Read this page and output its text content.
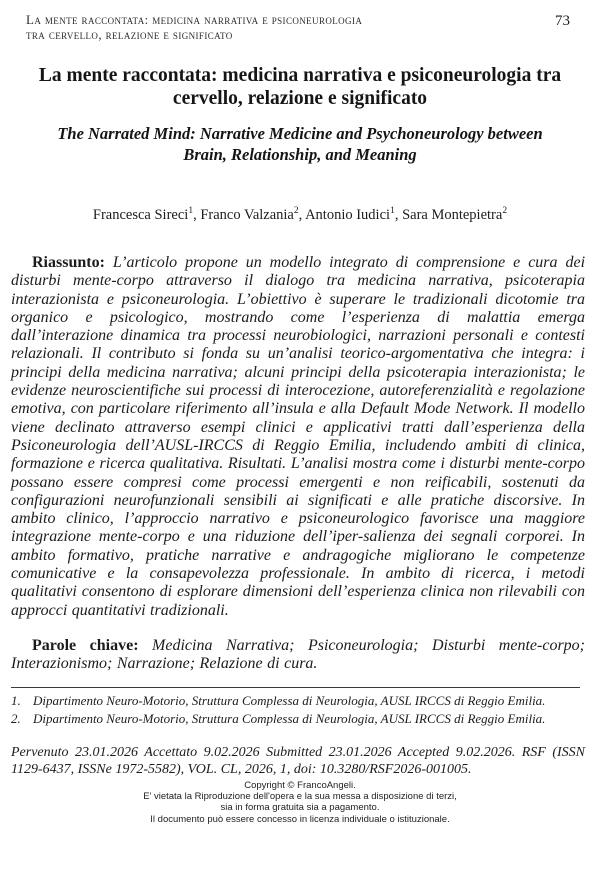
La mente raccontata: medicina narrativa e psiconeurologia
tra cervello, relazione e significato
73
La mente raccontata: medicina narrativa e psiconeurologia tra cervello, relazione e significato
The Narrated Mind: Narrative Medicine and Psychoneurology between Brain, Relationship, and Meaning
Francesca Sireci$^1$, Franco Valzania$^2$, Antonio Iudici$^1$, Sara Montepietra$^2$

Riassunto: L’articolo propone un modello integrato di comprensione e cura dei disturbi mente-corpo attraverso il dialogo tra medicina narrativa, psicoterapia interazionista e psiconeurologia. L’obiettivo è superare le tradizionali dicotomie tra organico e psicologico, mostrando come l’esperienza di malattia emerga dall’interazione dinamica tra processi neurobiologici, narrazioni personali e contesti relazionali. Il contributo si fonda su un’analisi teorico-argomentativa che integra: i principi della medicina narrativa; alcuni principi della psicoterapia interazionista; le evidenze neuroscientifiche sui processi di interocezione, autoreferenzialità e regolazione emotiva, con particolare riferimento all’insula e alla Default Mode Network. Il modello viene declinato attraverso esempi clinici e applicativi tratti dall’esperienza della Psiconeurologia dell’AUSL-IRCCS di Reggio Emilia, includendo ambiti di clinica, formazione e ricerca qualitativa. Risultati. L’analisi mostra come i disturbi mente-corpo possano essere compresi come processi emergenti e non reificabili, sostenuti da configurazioni neurofunzionali sensibili ai significati e alle pratiche discorsive. In ambito clinico, l’approccio narrativo e psiconeurologico favorisce una maggiore integrazione mente-corpo e una riduzione dell’iper-salienza dei segnali corporei. In ambito formativo, pratiche narrative e andragogiche migliorano le competenze comunicative e la consapevolezza professionale. In ambito di ricerca, i metodi qualitativi consentono di esplorare dimensioni dell’esperienza clinica non rilevabili con approcci quantitativi tradizionali.

Parole chiave: Medicina Narrativa; Psiconeurologia; Disturbi mente-corpo; Interazionismo; Narrazione; Relazione di cura.

1. Dipartimento Neuro-Motorio, Struttura Complessa di Neurologia, AUSL IRCCS di Reggio Emilia.
2. Dipartimento Neuro-Motorio, Struttura Complessa di Neurologia, AUSL IRCCS di Reggio Emilia.

Pervenuto 23.01.2026 Accettato 9.02.2026 Submitted 23.01.2026 Accepted 9.02.2026. RSF (ISSN 1129-6437, ISSNe 1972-5582), VOL. CL, 2026, 1, doi: 10.3280/RSF2026-001005.

Copyright © FrancoAngeli.
E' vietata la Riproduzione dell'opera e la sua messa a disposizione di terzi,
sia in forma gratuita sia a pagamento.
Il documento può essere concesso in licenza individuale o istituzionale.
